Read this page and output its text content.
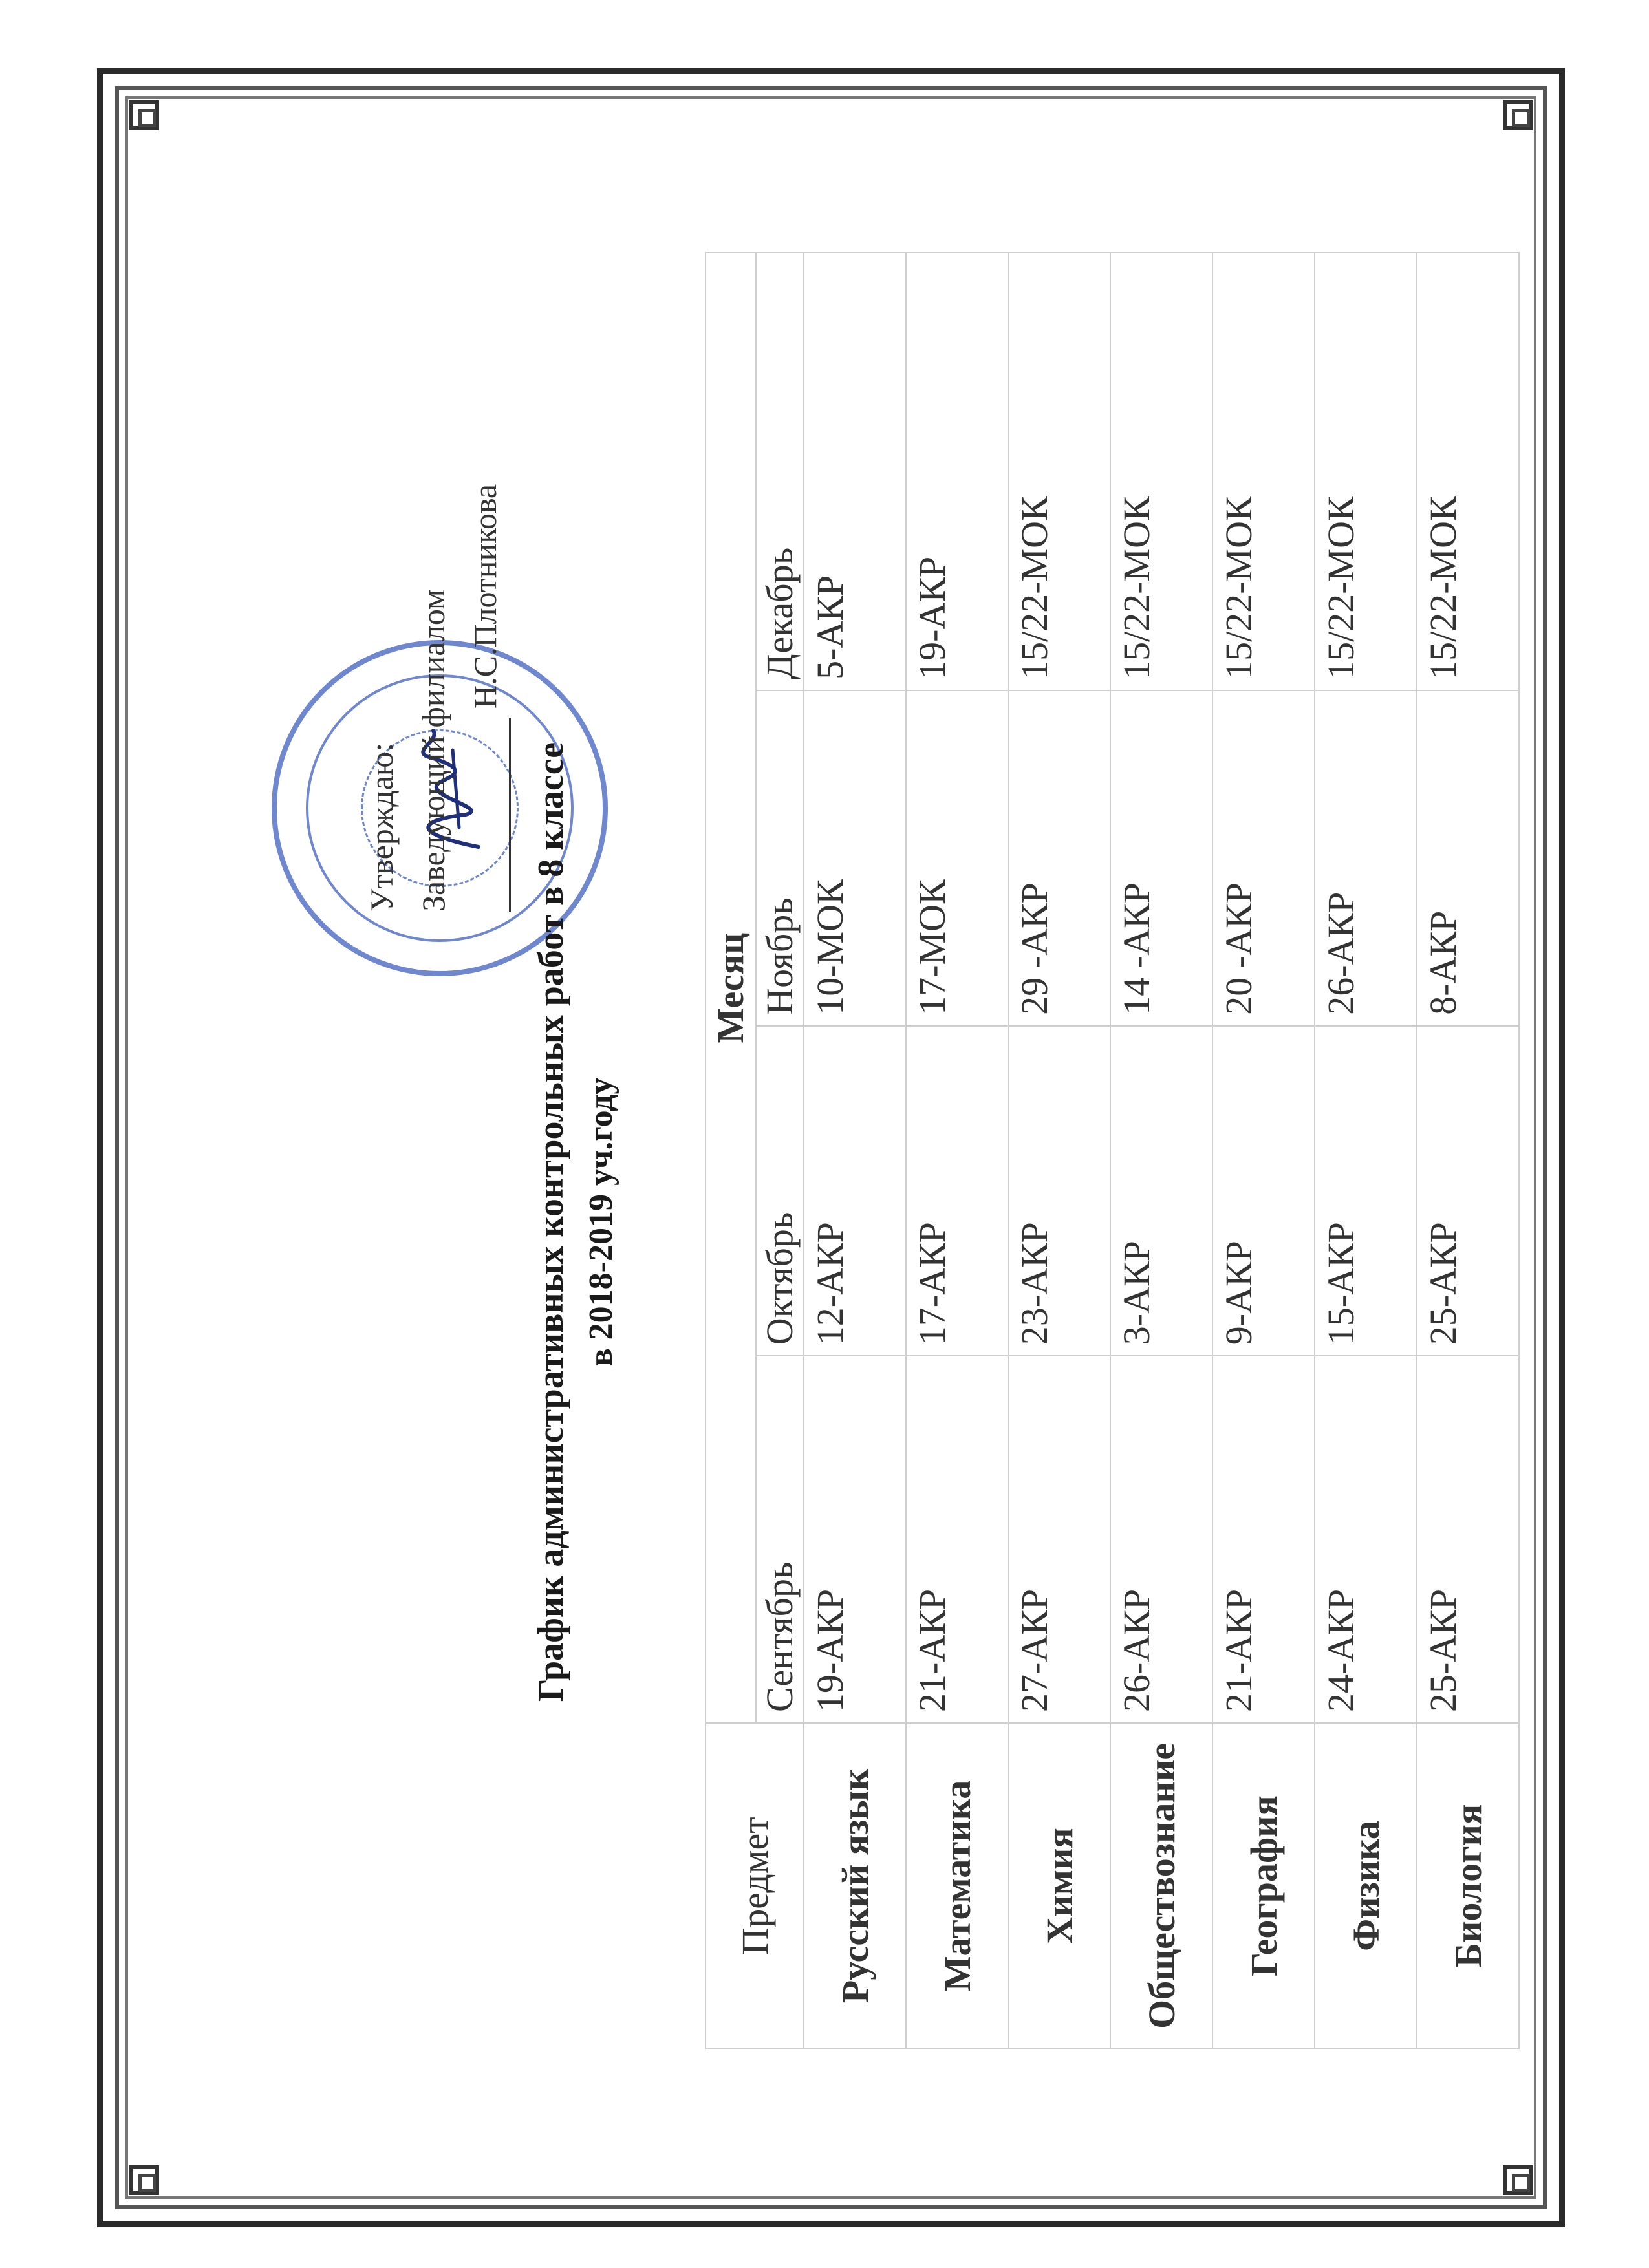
Утверждаю: Заведующий филиалом Н.С.Плотникова
График административных контрольных работ в 8 классе в 2018-2019 уч.году
Предмет	Месяц			
	Сентябрь	Октябрь	Ноябрь	Декабрь
Русский язык	19-АКР	12-АКР	10-МОК	5-АКР
Математика	21-АКР	17-АКР	17-МОК	19-АКР
Химия	27-АКР	23-АКР	29 -АКР	15/22-МОК
Обществознание	26-АКР	3-АКР	14 -АКР	15/22-МОК
География	21-АКР	9-АКР	20 -АКР	15/22-МОК
Физика	24-АКР	15-АКР	26-АКР	15/22-МОК
Биология	25-АКР	25-АКР	8-АКР	15/22-МОК
